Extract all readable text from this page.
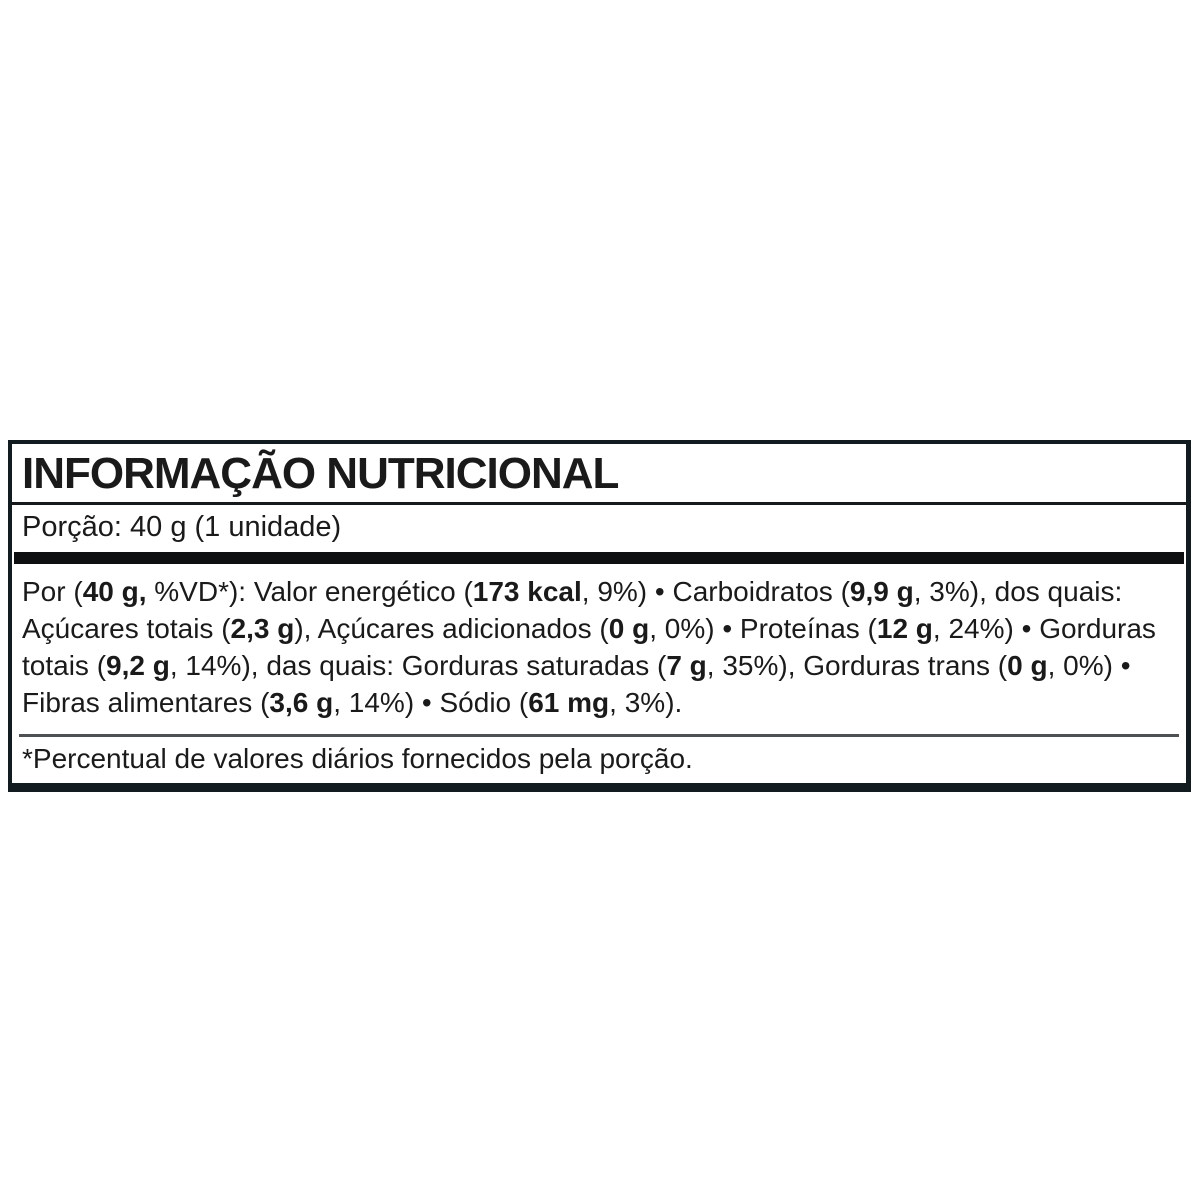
INFORMAÇÃO NUTRICIONAL
Porção: 40 g (1 unidade)
Por (40 g, %VD*): Valor energético (173 kcal, 9%) • Carboidratos (9,9 g, 3%), dos quais: Açúcares totais (2,3 g), Açúcares adicionados (0 g, 0%) • Proteínas (12 g, 24%) • Gorduras totais (9,2 g, 14%), das quais: Gorduras saturadas (7 g, 35%), Gorduras trans (0 g, 0%) • Fibras alimentares (3,6 g, 14%) • Sódio (61 mg, 3%).
*Percentual de valores diários fornecidos pela porção.
